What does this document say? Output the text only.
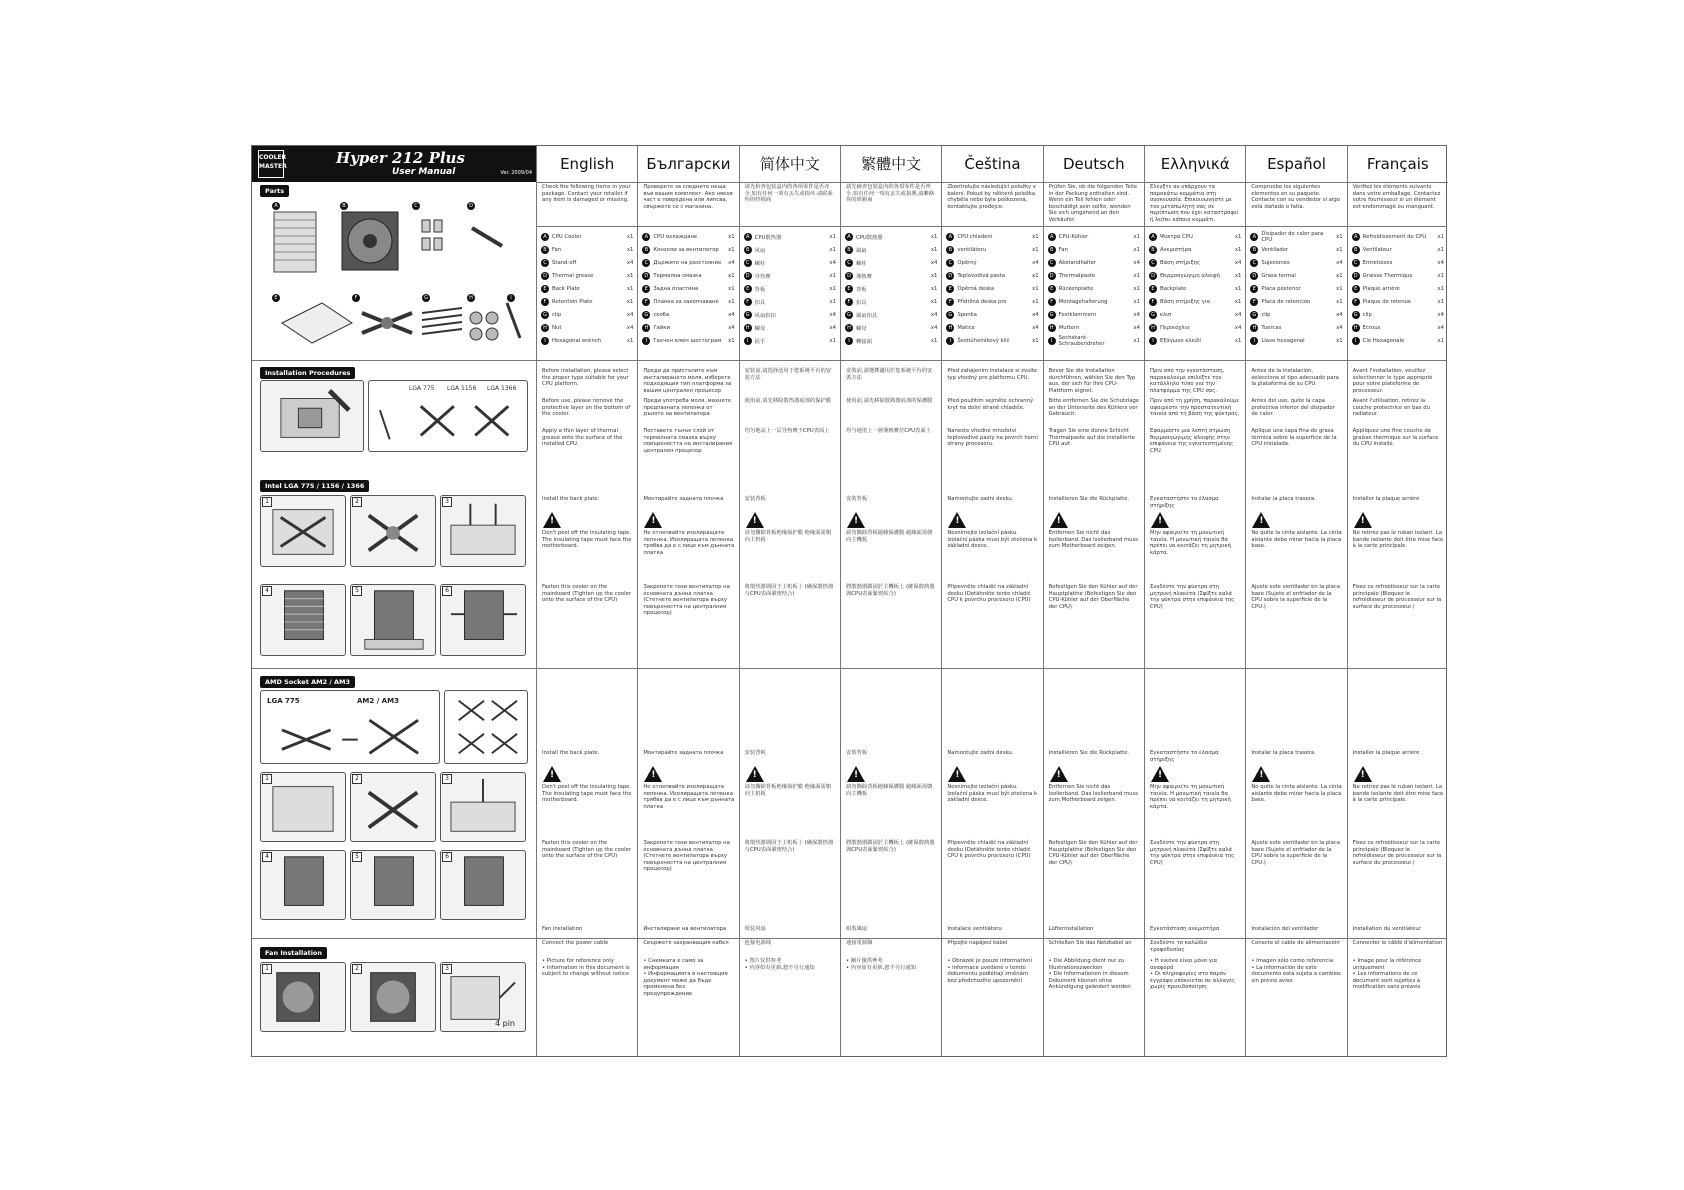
COOLER
MASTER	Hyper 212 Plus
User Manual	Ver. 2009/04
Parts
A	B	C	D
E	F	G	H	I
Installation Procedures
LGA 775 LGA 1156 LGA 1366
Intel LGA 775 / 1156 / 1366
1	2	3
4	5	6
AMD Socket AM2 / AM3
LGA 775	AM2 / AM3
1	2	3
4	5	6
Fan Installation
1	2	3
4 pin
English
Check the following items in your package. Contact your retailer if any item is damaged or missing.
A CPU Cooler	x1
B Fan	x1
C Stand-off	x4
D Thermal grease	x1
E	Back Plate	x1
F	Retention Plate	x1
G clip	x4
H Nut	x4
I	Hexagonal wrench	x1
Before installation, please select the proper type suitable for your CPU platform.
Before use, please remove the protective layer on the bottom of the cooler.
Apply a thin layer of thermal grease onto the surface of the installed CPU.
Install the back plate.
!
Don't peel off the insulating tape. The insulating tape must face the motherboard.
Fasten this cooler on the mainboard (Tighten up the cooler onto the surface of the CPU)
Install the back plate.
!
Don't peel off the insulating tape. The insulating tape must face the motherboard.
Fasten this cooler on the mainboard (Tighten up the cooler onto the surface of the CPU)
Fan Installation
Connect the power cable
• Picture for reference only
• Information in this document is subject to change without notice
Български
Проверете за следните неща във вашия комплект. Ако някоя част е повредена или липсва, свържете се с магазина.
A CPU охлаждане	x1
B Конзоли за вентилатор	x1
C Държите на разстояние	x4
D Термална смазка	x1
E	Задна пластина	x1
F	Планка за закопчаване	x1
G скоба	x4
H Гайки	x4
I	Гаечен ключ шестограм	x1
Преди да пристъпите към инсталирането моля, изберете подходящия тип платформа за вашия централен процесор
Преди употреба моля, махнете предпазната лепенка от дъното на вентилатора
Поставете тънък слой от термалната смазка върху повърхността на инсталирания централен процесор
Монтирайте задната плочка
!
Не отлепвайте изолиращата лепенка. Изолиращата лепенка трябва да е с лице към дънната платка
Закрепете този вентилатор на основната дънна платка (Стегнете вентилатора върху повърхността на централния процесор)
Монтирайте задната плочка
!
Не отлепвайте изолиращата лепенка. Изолиращата лепенка трябва да е с лице към дънната платка
Закрепете този вентилатор на основната дънна платка (Стегнете вентилатора върху повърхността на централния процесор)
Инсталиране на вентилатора
Свържете захранващия кабел
• Снимката е само за информация
• Информацията в настоящия документ може да бъде променена без предупреждение
简体中文
请先检查包装盒内的各项零件是否齐全,如有任何一项有丢失或损坏,请联系你的经销商
A CPU散热器	x1
B 风扇	x1
C 螺柱	x4
D 导热膏	x1
E	背板	x1
F	扣具	x1
G 风扇扣扣	x4
H 螺母	x4
I	扳手	x1
安装前,请选择适用于您系统平台的安装方法
使用前,请先移除散热器底部的保护膜
均匀地涂上一层导热膏于CPU表面上
安装背板
!
请勿撕除背板绝缘保护膜 绝缘面需朝向主机板
将散热器锁固于主机板上 (确保散热器与CPU表面紧密结合)
安装背板
!
请勿撕除背板绝缘保护膜 绝缘面需朝向主机板
将散热器锁固于主机板上 (确保散热器与CPU表面紧密结合)
组装风扇
连接电源线
• 图片仅供参考
• 内容如有更新,恕不另行通知
繁體中文
請先檢查包裝盒內的各項零件是否齊全,如有任何一項有丟失或損壞,請聯絡你的經銷商
A CPU散熱器	x1
B 風扇	x1
C 螺柱	x4
D 導熱膏	x1
E	背板	x1
F	扣具	x1
G 風扇扣具	x4
H 螺母	x4
I	轉接頭	x1
安裝前,請選擇適用於您系統平台的安裝方法
使用前,請先移除散熱器底部的保護膜
均勻地塗上一層導熱膏於CPU表面上
安裝背板
!
請勿撕除背板絕緣保護膜 絕緣面需朝向主機板
將散熱器鎖固於主機板上 (確保散熱器與CPU表面緊密結合)
安裝背板
!
請勿撕除背板絕緣保護膜 絕緣面需朝向主機板
將散熱器鎖固於主機板上 (確保散熱器與CPU表面緊密結合)
組裝風扇
連接電源線
• 圖片僅供參考
• 內容如有更新,恕不另行通知
Čeština
Zkontrolujte následující položky v balení. Pokud by některá položka chyběla nebo byla poškozená, kontaktujte prodejce.
A CPU chladení	x1
B ventilátoru	x1
C Opěrný	x4
D Teplovodivá pasta	x1
E	Opěrná deska	x1
F	Přídržná deska pro	x1
G Sponka	x4
H Matice	x4
I	Šestiúhelníkový klíč	x1
Před zahájením instalace si zvolte typ vhodný pro platformu CPU.
Před použitím sejměte ochranný kryt na dolní straně chladiče.
Naneste vhodné množství teplovodivé pasty na povrch horní strany procesoru.
Namontujte zadní desku.
!
Nesnímejte izolační pásku. Izolační páska musí být otočena k základní desce.
Připevněte chladič na základní desku (Dotáhněte tento chladič CPU k povrchu procesoru (CPU)
Namontujte zadní desku.
!
Nesnímejte izolační pásku. Izolační páska musí být otočena k základní desce.
Připevněte chladič na základní desku (Dotáhněte tento chladič CPU k povrchu procesoru (CPU)
Instalace ventilátoru
Připojte napájecí kabel
• Obrázek je pouze informativní
• Informace uvedené v tomto dokumentu podléhají změnám bez předchozího upozornění
Deutsch
Prüfen Sie, ob die folgenden Teile in der Packung enthalten sind. Wenn ein Teil fehlen oder beschädigt sein sollte, wenden Sie sich umgehend an den Verkäufer.
A CPU-Kühler	x1
B Fan	x1
C Abstandhalter	x4
D Thermalpaste	x1
E	Rückenplatte	x1
F	Montagehalterung	x1
G Festklammern	x4
H Muttern	x4
I	Sechskant-Schraubendreher	x1
Bevor Sie die Installation durchführen, wählen Sie den Typ aus, der sich für Ihre CPU-Plattform eignet.
Bitte entfernen Sie die Schutzlage an der Unterseite des Kühlers vor Gebrauch.
Tragen Sie eine dünne Schicht Thermalpaste auf die installierte CPU auf.
Installieren Sie die Rückplatte.
!
Entfernen Sie nicht das Isolierband. Das Isolierband muss zum Motherboard zeigen.
Befestigen Sie den Kühler auf der Hauptplatine (Befestigen Sie den CPU-Kühler auf der Oberfläche der CPU)
Installieren Sie die Rückplatte.
!
Entfernen Sie nicht das Isolierband. Das Isolierband muss zum Motherboard zeigen.
Befestigen Sie den Kühler auf der Hauptplatine (Befestigen Sie den CPU-Kühler auf der Oberfläche der CPU)
Lüfterinstallation
Schließen Sie das Netzkabel an
• Die Abbildung dient nur zu Illustrationszwecken
• Die Informationen in diesem Dokument können ohne Ankündigung geändert werden
Ελληνικά
Ελέγξτε αν υπάρχουν τα παρακάτω κομμάτια στη συσκευασία. Επικοινωνήστε με τον μεταπωλητή σας σε περίπτωση που έχει καταστραφεί ή λείπει κάποιο κομμάτι.
A Ψύκτρα CPU	x1
B Ανεμιστήρα	x1
C Βάση στήριξης	x4
D Θερμοαγώγιμη αλοιφή	x1
E	Backplate	x1
F	Βάση στήριξης για	x1
G κλιπ	x4
H Περικόχλιο	x4
I	Εξάγωνο κλειδί	x1
Πριν από την εγκατάσταση, παρακαλούμε επιλέξτε τον κατάλληλο τύπο για την πλατφόρμα της CPU σας.
Πριν από τη χρήση, παρακαλούμε αφαιρέστε την προστατευτική ταινία από τη βάση της ψύκτρας.
Εφαρμόστε μια λεπτή στρώση θερμοαγώγιμης αλοιφής στην επιφάνεια της εγκατεστημένης CPU.
Εγκαταστήστε το έλασμα στήριξης
!
Μην αφαιρείτε τη μονωτική ταινία. Η μονωτική ταινία θα πρέπει να κοιτάζει τη μητρική κάρτα.
Συνδέστε την ψύκτρα στη μητρική πλακέτα (Σφίξτε καλά την ψύκτρα στην επιφάνεια της CPU)
Εγκαταστήστε το έλασμα στήριξης
!
Μην αφαιρείτε τη μονωτική ταινία. Η μονωτική ταινία θα πρέπει να κοιτάζει τη μητρική κάρτα.
Συνδέστε την ψύκτρα στη μητρική πλακέτα (Σφίξτε καλά την ψύκτρα στην επιφάνεια της CPU)
Εγκατάσταση ανεμιστήρα
Συνδέστε το καλώδιο τροφοδοσίας
• Η εικόνα είναι μόνο για αναφορά
• Οι πληροφορίες στο παρόν έγγραφο υπόκεινται σε αλλαγές χωρίς προειδοποίηση
Español
Compruebe los siguientes elementos en su paquete. Contacte con su vendedor si algo está dañado o falta.
A Disipador de calor para CPU	x1
B Ventilador	x1
C Sujeciones	x4
D Grasa termal	x1
E	Placa posterior	x1
F	Placa de retención	x1
G clip	x4
H Tuercas	x4
I	Llave hexagonal	x1
Antes de la instalación, seleccione el tipo adecuado para la plataforma de su CPU.
Antes del uso, quite la capa protectiva inferior del disipador de calor.
Aplique una capa fina de grasa térmica sobre la superficie de la CPU instalada.
Instalar la placa trasera.
!
No quite la cinta aislante. La cinta aislante debe mirar hacia la placa base.
Ajuste este ventilador en la placa base (Sujete el enfriador de la CPU sobre la superficie de la CPU.)
Instalar la placa trasera.
!
No quite la cinta aislante. La cinta aislante debe mirar hacia la placa base.
Ajuste este ventilador en la placa base (Sujete el enfriador de la CPU sobre la superficie de la CPU.)
Instalación del ventilador
Conecte el cable de alimentación
• Imagen sólo como referencia
• La información de este documento está sujeta a cambios sin previo aviso
Français
Vérifiez les éléments suivants dans votre emballage. Contactez votre fournisseur si un élément est endommagé ou manquant.
A Refroidissement de CPU	x1
B Ventilateur	x1
C Entretoises	x4
D Graisse Thermique	x1
E	Plaque arrière	x1
F	Plaque de retenue	x1
G clip	x4
H Ecrous	x4
I	Clé Hexagonale	x1
Avant l'installation, veuillez sélectionner le type approprié pour votre plateforme de processeur.
Avant l'utilisation, retirez la couche protectrice en bas du radiateur.
Appliquez une fine couche de graisse thermique sur la surface du CPU installé.
Installer la plaque arrière
!
Ne retirez pas le ruban isolant. La bande isolante doit être mise face à la carte principale.
Fixez ce refroidisseur sur la carte principale (Bloquez le refroidisseur de processeur sur la surface du processeur.)
Installer la plaque arrière
!
Ne retirez pas le ruban isolant. La bande isolante doit être mise face à la carte principale.
Fixez ce refroidisseur sur la carte principale (Bloquez le refroidisseur de processeur sur la surface du processeur.)
Installation du ventilateur
Connecter le câble d'alimentation
• Image pour la référence uniquement
• Les informations de ce document sont sujettes à modification sans préavis
